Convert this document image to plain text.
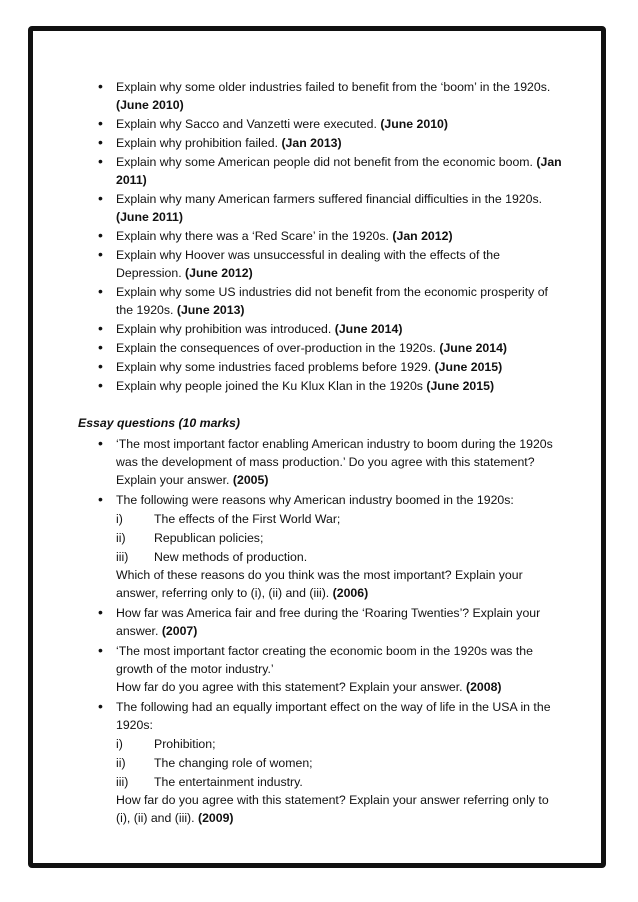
• Explain why some older industries failed to benefit from the ‘boom’ in the 1920s. (June 2010)
• Explain why Sacco and Vanzetti were executed. (June 2010)
• Explain why prohibition failed. (Jan 2013)
• Explain why some American people did not benefit from the economic boom. (Jan 2011)
• Explain why many American farmers suffered financial difficulties in the 1920s. (June 2011)
• Explain why there was a ‘Red Scare’ in the 1920s. (Jan 2012)
• Explain why Hoover was unsuccessful in dealing with the effects of the Depression. (June 2012)
• Explain why some US industries did not benefit from the economic prosperity of the 1920s. (June 2013)
• Explain why prohibition was introduced. (June 2014)
• Explain the consequences of over-production in the 1920s. (June 2014)
• Explain why some industries faced problems before 1929. (June 2015)
• Explain why people joined the Ku Klux Klan in the 1920s (June 2015)
Essay questions (10 marks)
• ‘The most important factor enabling American industry to boom during the 1920s was the development of mass production.’ Do you agree with this statement? Explain your answer. (2005)
• The following were reasons why American industry boomed in the 1920s:
i)	The effects of the First World War;
ii)	Republican policies;
iii)	New methods of production.
Which of these reasons do you think was the most important? Explain your answer, referring only to (i), (ii) and (iii). (2006)
• How far was America fair and free during the ‘Roaring Twenties’? Explain your answer. (2007)
• ‘The most important factor creating the economic boom in the 1920s was the growth of the motor industry.’
How far do you agree with this statement? Explain your answer. (2008)
• The following had an equally important effect on the way of life in the USA in the 1920s:
i)	Prohibition;
ii)	The changing role of women;
iii)	The entertainment industry.
How far do you agree with this statement? Explain your answer referring only to (i), (ii) and (iii). (2009)
